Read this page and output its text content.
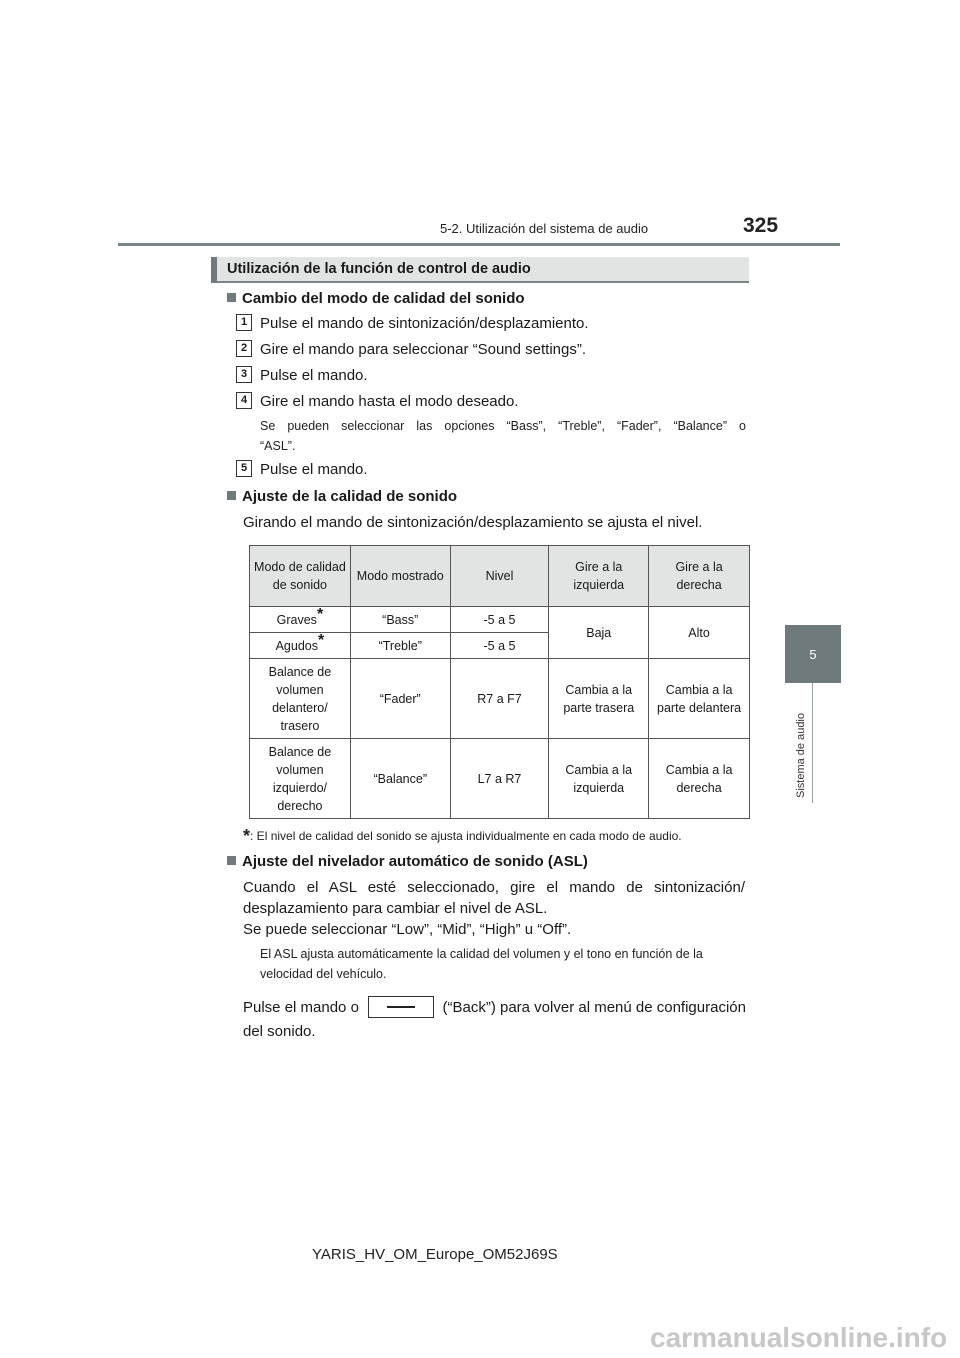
5-2. Utilización del sistema de audio	325
5
Sistema de audio
Utilización de la función de control de audio
Cambio del modo de calidad del sonido
1 Pulse el mando de sintonización/desplazamiento.
2 Gire el mando para seleccionar “Sound settings”.
3 Pulse el mando.
4 Gire el mando hasta el modo deseado.
Se pueden seleccionar las opciones “Bass”, “Treble”, “Fader”, “Balance” o
“ASL”.
5 Pulse el mando.
Ajuste de la calidad de sonido
Girando el mando de sintonización/desplazamiento se ajusta el nivel.
Modo de calidad de sonido	Modo mostrado	Nivel	Gire a la izquierda	Gire a la derecha
Graves*	“Bass”	-5 a 5	Baja	Alto
Agudos*	“Treble”	-5 a 5		
Balance de volumen delantero/ trasero	“Fader”	R7 a F7	Cambia a la parte trasera	Cambia a la parte delantera
Balance de volumen izquierdo/ derecho	“Balance”	L7 a R7	Cambia a la izquierda	Cambia a la derecha
*: El nivel de calidad del sonido se ajusta individualmente en cada modo de audio.
Ajuste del nivelador automático de sonido (ASL)
Cuando el ASL esté seleccionado, gire el mando de sintonización/
desplazamiento para cambiar el nivel de ASL.
Se puede seleccionar “Low”, “Mid”, “High” u “Off”.
El ASL ajusta automáticamente la calidad del volumen y el tono en función de la
velocidad del vehículo.
Pulse el mando o	(“Back”) para volver al menú de configuración
del sonido.
YARIS_HV_OM_Europe_OM52J69S
carmanualsonline.info
